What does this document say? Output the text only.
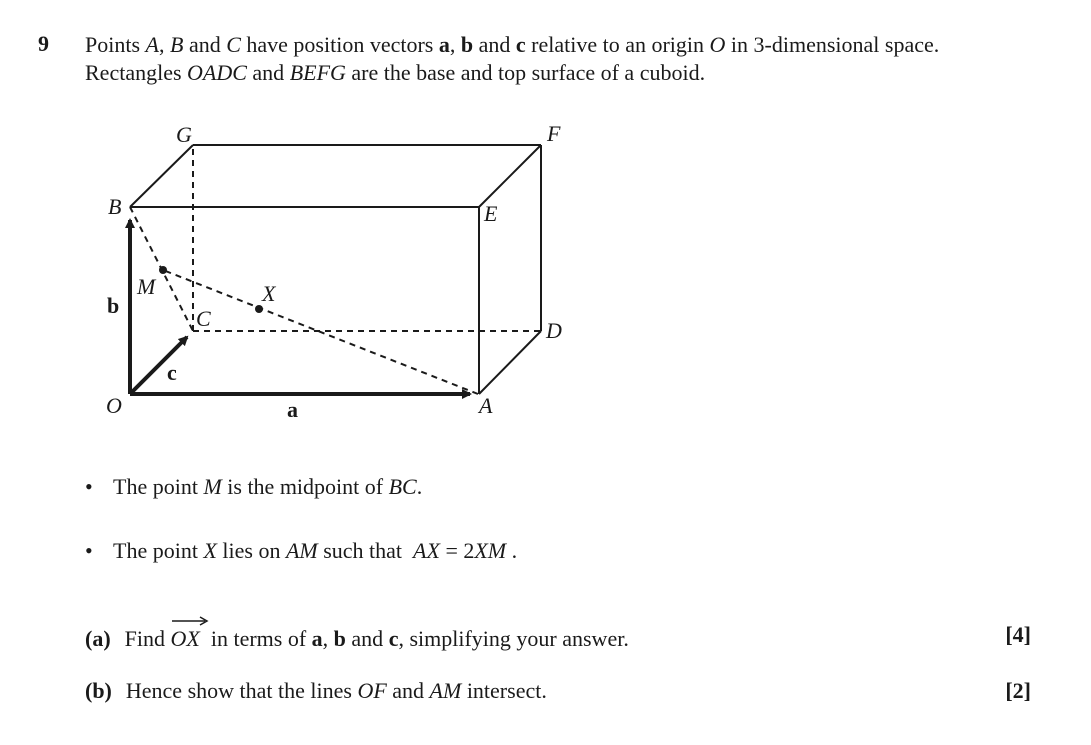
9 Points A, B and C have position vectors a, b and c relative to an origin O in 3-dimensional space.

Rectangles OADC and BEFG are the base and top surface of a cuboid.

O	A
B
C	D
E
F
G
M	X
a
b
c
• The point M is the midpoint of BC.
• The point X lies on AM such that  AX = 2XM .
(a) Find
OX  in terms of a, b and c, simplifying your answer.	[4]
(b) Hence show that the lines OF and AM intersect.	[2]
